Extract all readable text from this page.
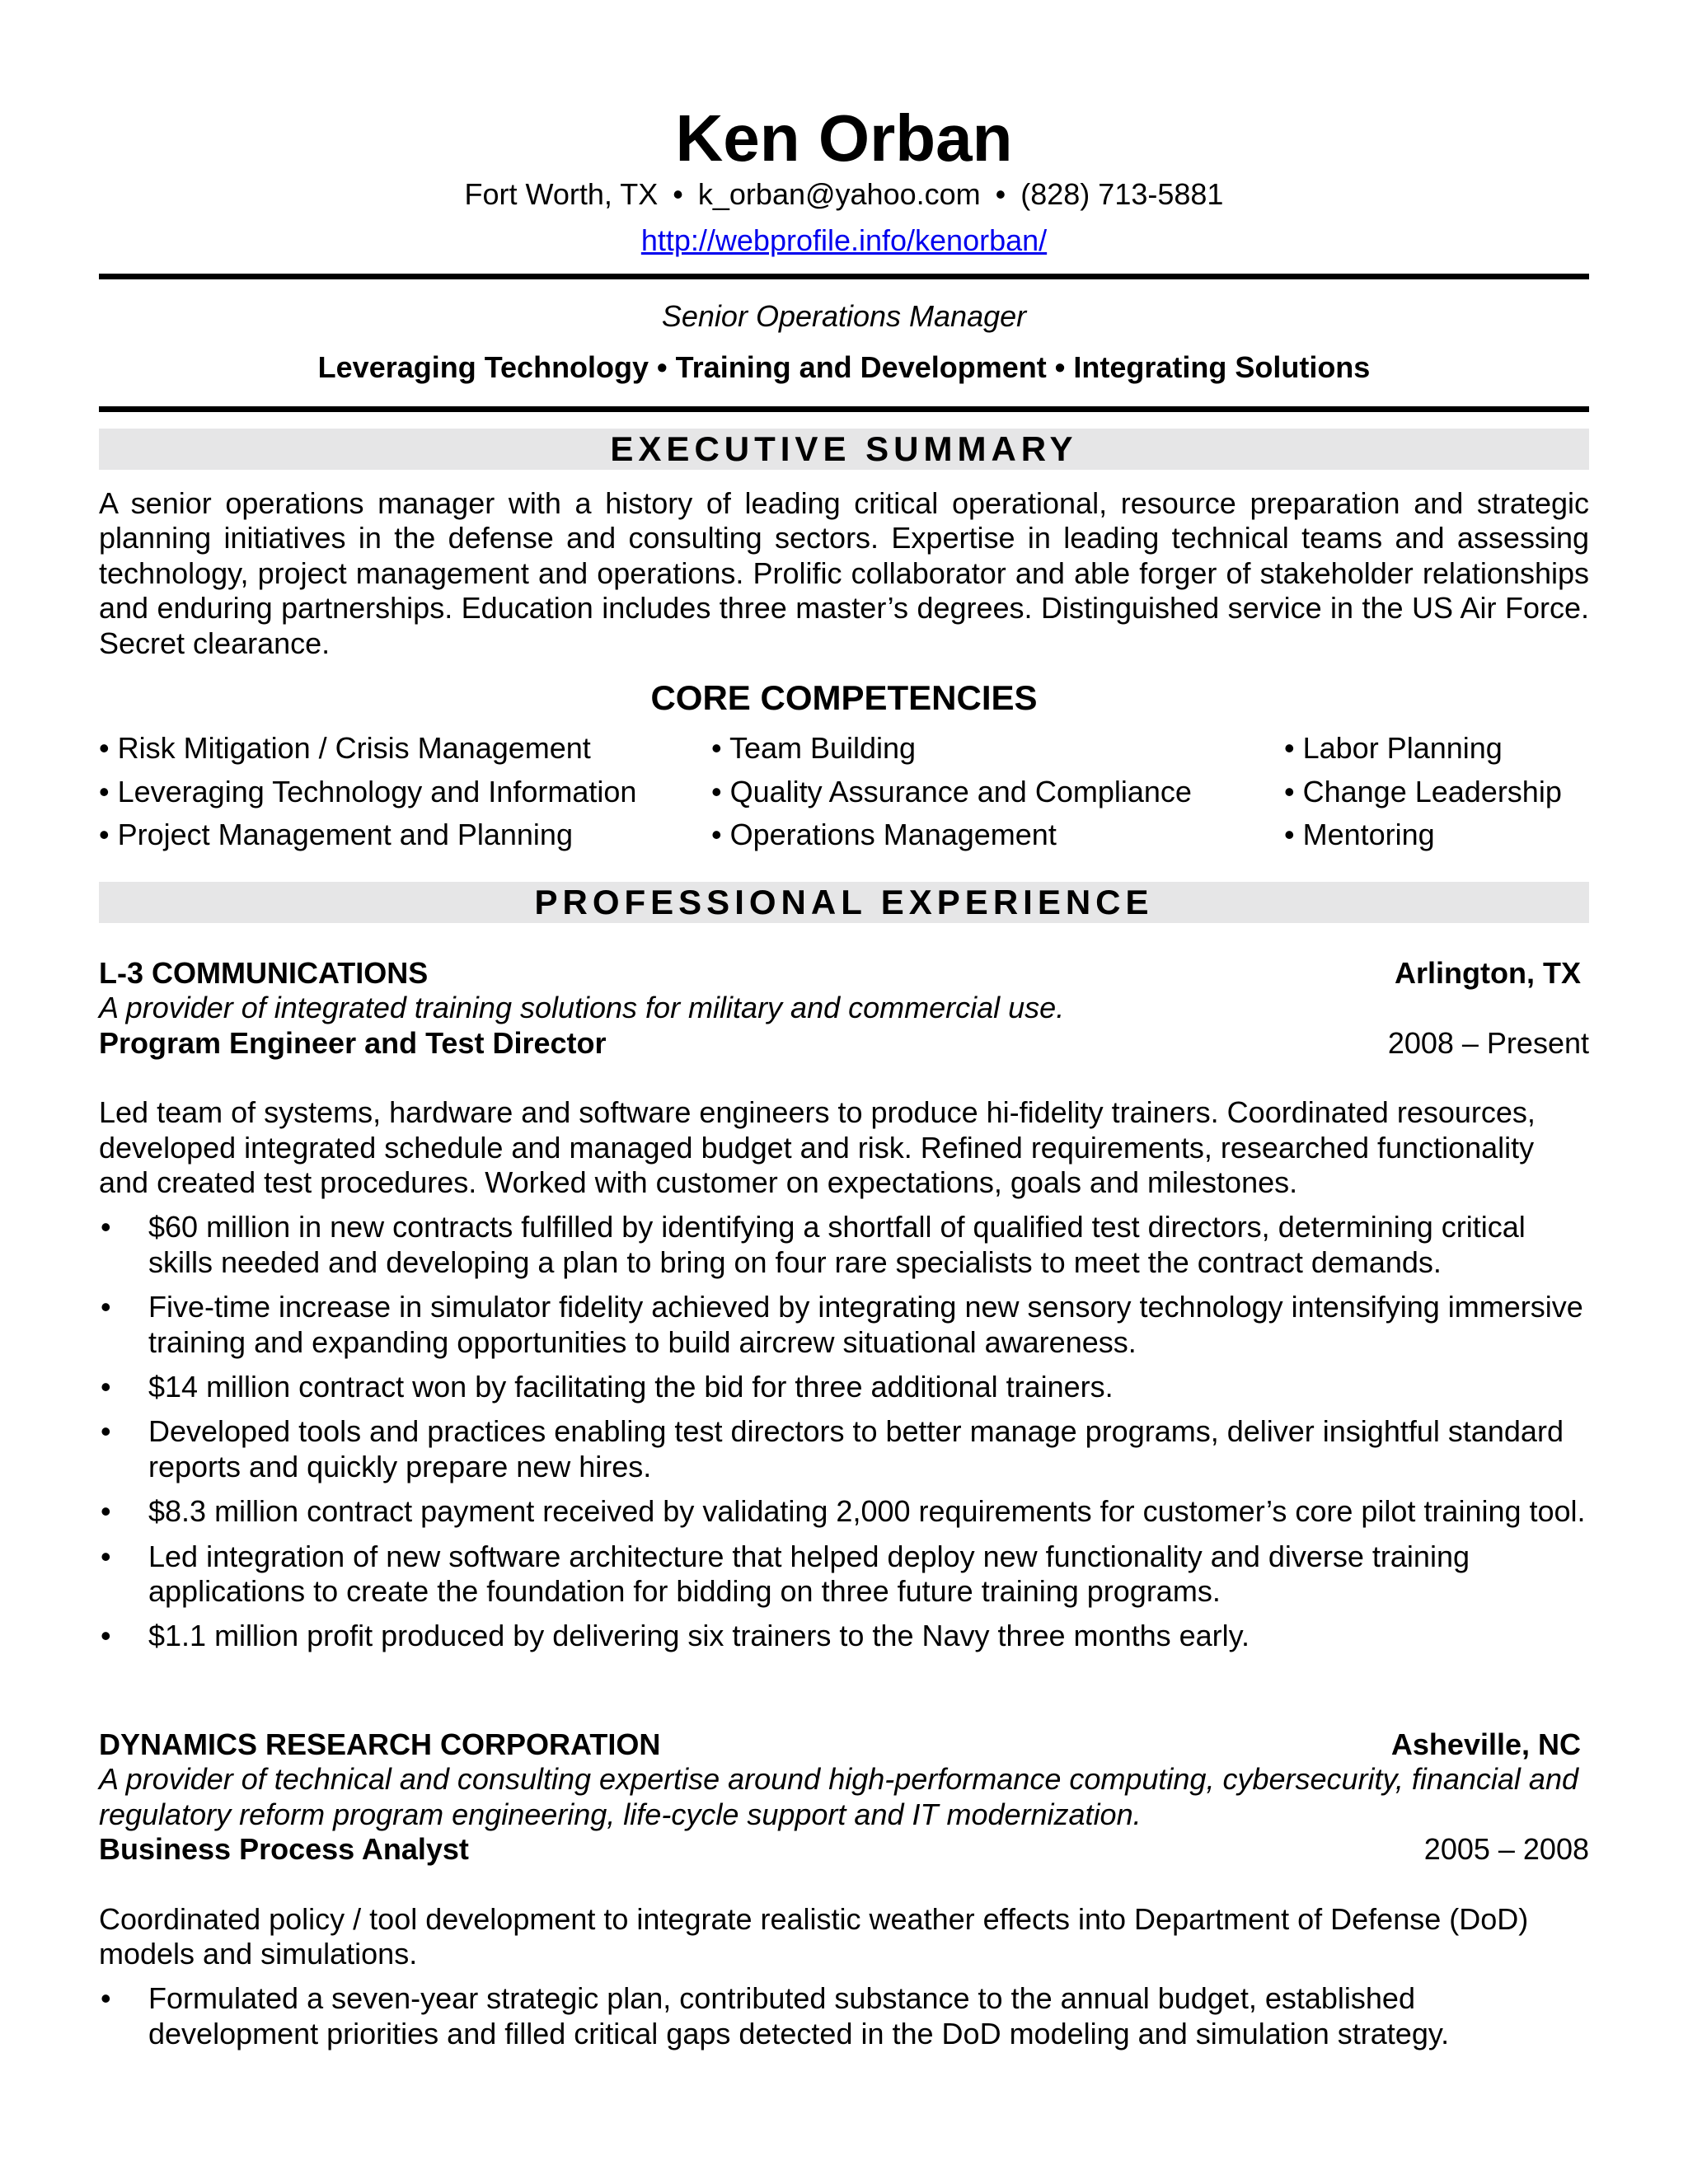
Ken Orban
Fort Worth, TX • k_orban@yahoo.com • (828) 713-5881
http://webprofile.info/kenorban/
Senior Operations Manager
Leveraging Technology • Training and Development • Integrating Solutions
EXECUTIVE SUMMARY
A senior operations manager with a history of leading critical operational, resource preparation and strategic planning initiatives in the defense and consulting sectors. Expertise in leading technical teams and assessing technology, project management and operations. Prolific collaborator and able forger of stakeholder relationships and enduring partnerships. Education includes three master’s degrees. Distinguished service in the US Air Force. Secret clearance.
CORE COMPETENCIES
• Risk Mitigation / Crisis Management
• Leveraging Technology and Information
• Project Management and Planning
• Team Building
• Quality Assurance and Compliance
• Operations Management
• Labor Planning
• Change Leadership
• Mentoring
PROFESSIONAL EXPERIENCE
L-3 COMMUNICATIONS	Arlington, TX
A provider of integrated training solutions for military and commercial use.
Program Engineer and Test Director	2008 – Present
Led team of systems, hardware and software engineers to produce hi-fidelity trainers. Coordinated resources, developed integrated schedule and managed budget and risk. Refined requirements, researched functionality and created test procedures. Worked with customer on expectations, goals and milestones.
• $60 million in new contracts fulfilled by identifying a shortfall of qualified test directors, determining critical skills needed and developing a plan to bring on four rare specialists to meet the contract demands.
• Five-time increase in simulator fidelity achieved by integrating new sensory technology intensifying immersive training and expanding opportunities to build aircrew situational awareness.
• $14 million contract won by facilitating the bid for three additional trainers.
• Developed tools and practices enabling test directors to better manage programs, deliver insightful standard reports and quickly prepare new hires.
• $8.3 million contract payment received by validating 2,000 requirements for customer’s core pilot training tool.
• Led integration of new software architecture that helped deploy new functionality and diverse training applications to create the foundation for bidding on three future training programs.
• $1.1 million profit produced by delivering six trainers to the Navy three months early.
DYNAMICS RESEARCH CORPORATION	Asheville, NC
A provider of technical and consulting expertise around high-performance computing, cybersecurity, financial and regulatory reform program engineering, life-cycle support and IT modernization.
Business Process Analyst	2005 – 2008
Coordinated policy / tool development to integrate realistic weather effects into Department of Defense (DoD) models and simulations.
• Formulated a seven-year strategic plan, contributed substance to the annual budget, established development priorities and filled critical gaps detected in the DoD modeling and simulation strategy.
